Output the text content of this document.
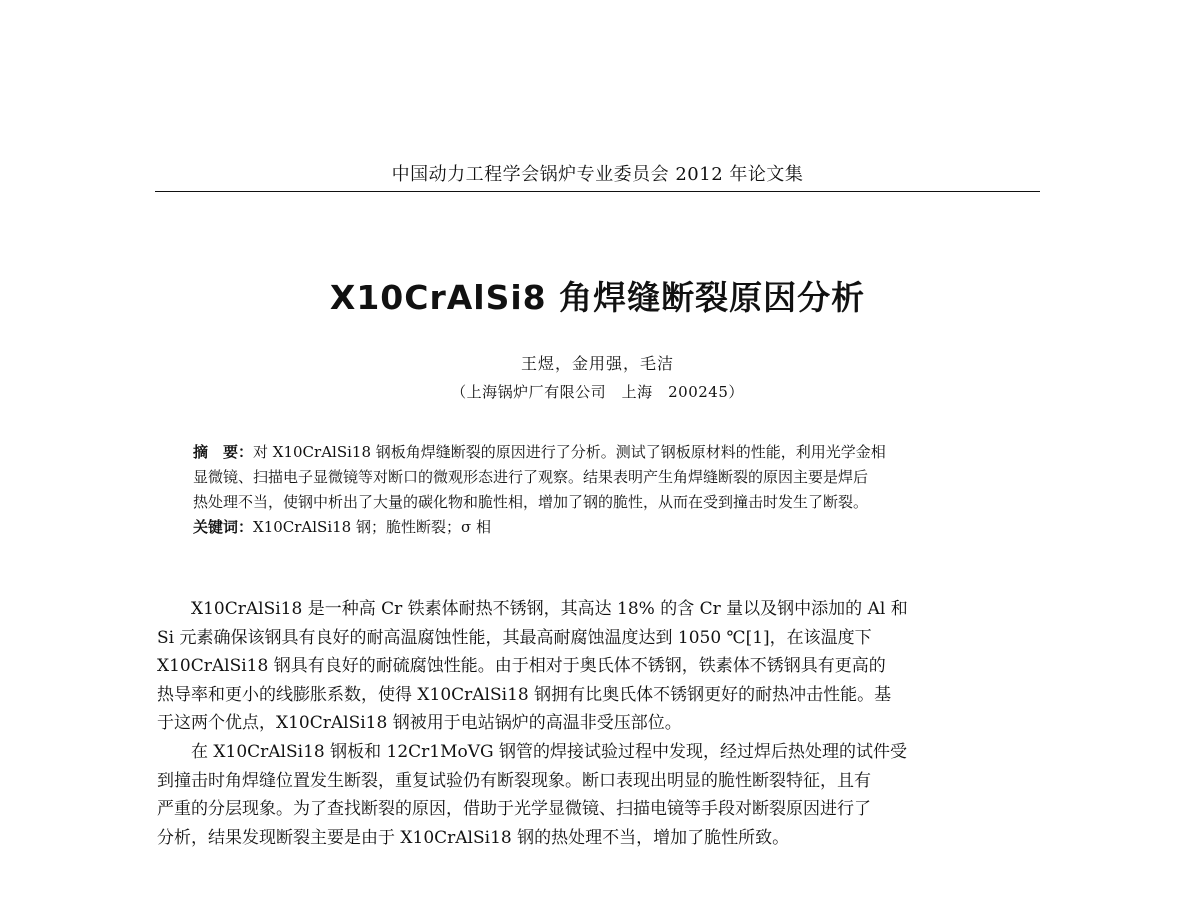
中国动力工程学会锅炉专业委员会 2012 年论文集
X10CrAlSi8 角焊缝断裂原因分析
王煜，金用强，毛洁
（上海锅炉厂有限公司　上海　200245）
摘　要：对 X10CrAlSi18 钢板角焊缝断裂的原因进行了分析。测试了钢板原材料的性能，利用光学金相
显微镜、扫描电子显微镜等对断口的微观形态进行了观察。结果表明产生角焊缝断裂的原因主要是焊后
热处理不当，使钢中析出了大量的碳化物和脆性相，增加了钢的脆性，从而在受到撞击时发生了断裂。
关键词：X10CrAlSi18 钢；脆性断裂；σ 相
X10CrAlSi18 是一种高 Cr 铁素体耐热不锈钢，其高达 18% 的含 Cr 量以及钢中添加的 Al 和
Si 元素确保该钢具有良好的耐高温腐蚀性能，其最高耐腐蚀温度达到 1050 ℃[1]，在该温度下
X10CrAlSi18 钢具有良好的耐硫腐蚀性能。由于相对于奥氏体不锈钢，铁素体不锈钢具有更高的
热导率和更小的线膨胀系数，使得 X10CrAlSi18 钢拥有比奥氏体不锈钢更好的耐热冲击性能。基
于这两个优点，X10CrAlSi18 钢被用于电站锅炉的高温非受压部位。
在 X10CrAlSi18 钢板和 12Cr1MoVG 钢管的焊接试验过程中发现，经过焊后热处理的试件受
到撞击时角焊缝位置发生断裂，重复试验仍有断裂现象。断口表现出明显的脆性断裂特征，且有
严重的分层现象。为了查找断裂的原因，借助于光学显微镜、扫描电镜等手段对断裂原因进行了
分析，结果发现断裂主要是由于 X10CrAlSi18 钢的热处理不当，增加了脆性所致。
